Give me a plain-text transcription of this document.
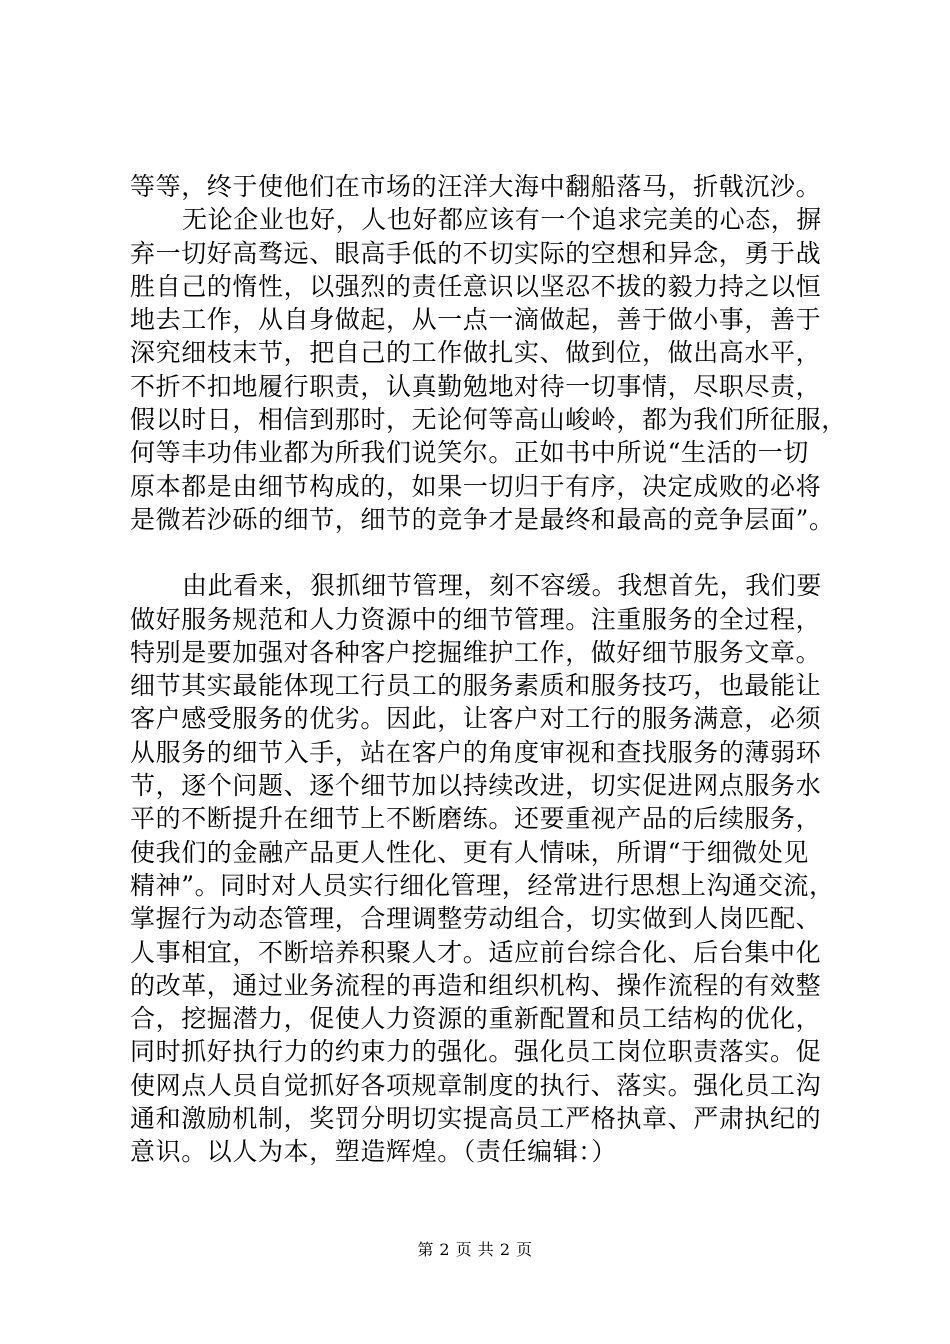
等等，终于使他们在市场的汪洋大海中翻船落马，折戟沉沙。
无论企业也好，人也好都应该有一个追求完美的心态，摒
弃一切好高骛远、眼高手低的不切实际的空想和异念，勇于战
胜自己的惰性，以强烈的责任意识以坚忍不拔的毅力持之以恒
地去工作，从自身做起，从一点一滴做起，善于做小事，善于
深究细枝末节，把自己的工作做扎实、做到位，做出高水平，
不折不扣地履行职责，认真勤勉地对待一切事情，尽职尽责，
假以时日，相信到那时，无论何等高山峻岭，都为我们所征服，
何等丰功伟业都为所我们说笑尔。正如书中所说“生活的一切
原本都是由细节构成的，如果一切归于有序，决定成败的必将
是微若沙砾的细节，细节的竞争才是最终和最高的竞争层面”。
由此看来，狠抓细节管理，刻不容缓。我想首先，我们要
做好服务规范和人力资源中的细节管理。注重服务的全过程，
特别是要加强对各种客户挖掘维护工作，做好细节服务文章。
细节其实最能体现工行员工的服务素质和服务技巧，也最能让
客户感受服务的优劣。因此，让客户对工行的服务满意，必须
从服务的细节入手，站在客户的角度审视和查找服务的薄弱环
节，逐个问题、逐个细节加以持续改进，切实促进网点服务水
平的不断提升在细节上不断磨练。还要重视产品的后续服务，
使我们的金融产品更人性化、更有人情味，所谓“于细微处见
精神”。同时对人员实行细化管理，经常进行思想上沟通交流，
掌握行为动态管理，合理调整劳动组合，切实做到人岗匹配、
人事相宜，不断培养积聚人才。适应前台综合化、后台集中化
的改革，通过业务流程的再造和组织机构、操作流程的有效整
合，挖掘潜力，促使人力资源的重新配置和员工结构的优化，
同时抓好执行力的约束力的强化。强化员工岗位职责落实。促
使网点人员自觉抓好各项规章制度的执行、落实。强化员工沟
通和激励机制，奖罚分明切实提高员工严格执章、严肃执纪的
意识。以人为本，塑造辉煌。（责任编辑：）
第 2 页 共 2 页
